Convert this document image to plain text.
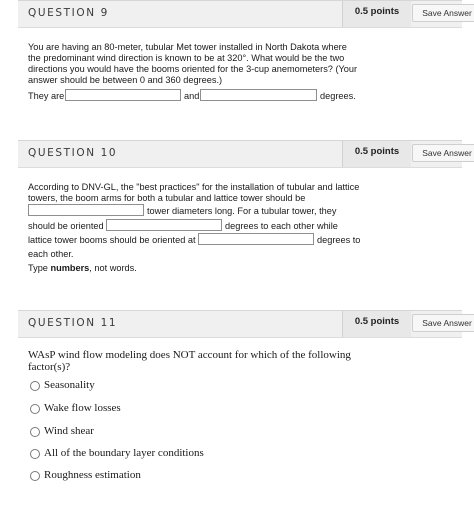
QUESTION 9	0.5 points	Save Answer
You are having an 80-meter, tubular Met tower installed in North Dakota where
the predominant wind direction is known to be at 320°. What would be the two
directions you would have the booms oriented for the 3-cup anemometers? (Your
answer should be between 0 and 360 degrees.)
They are	and	degrees.
QUESTION 10	0.5 points	Save Answer
According to DNV-GL, the "best practices" for the installation of tubular and lattice
towers, the boom arms for both a tubular and lattice tower should be
tower diameters long. For a tubular tower, they
should be oriented	degrees to each other while
lattice tower booms should be oriented at	degrees to
each other.
Type numbers, not words.
QUESTION 11	0.5 points	Save Answer
WAsP wind flow modeling does NOT account for which of the following factor(s)?
Seasonality
Wake flow losses
Wind shear
All of the boundary layer conditions
Roughness estimation
